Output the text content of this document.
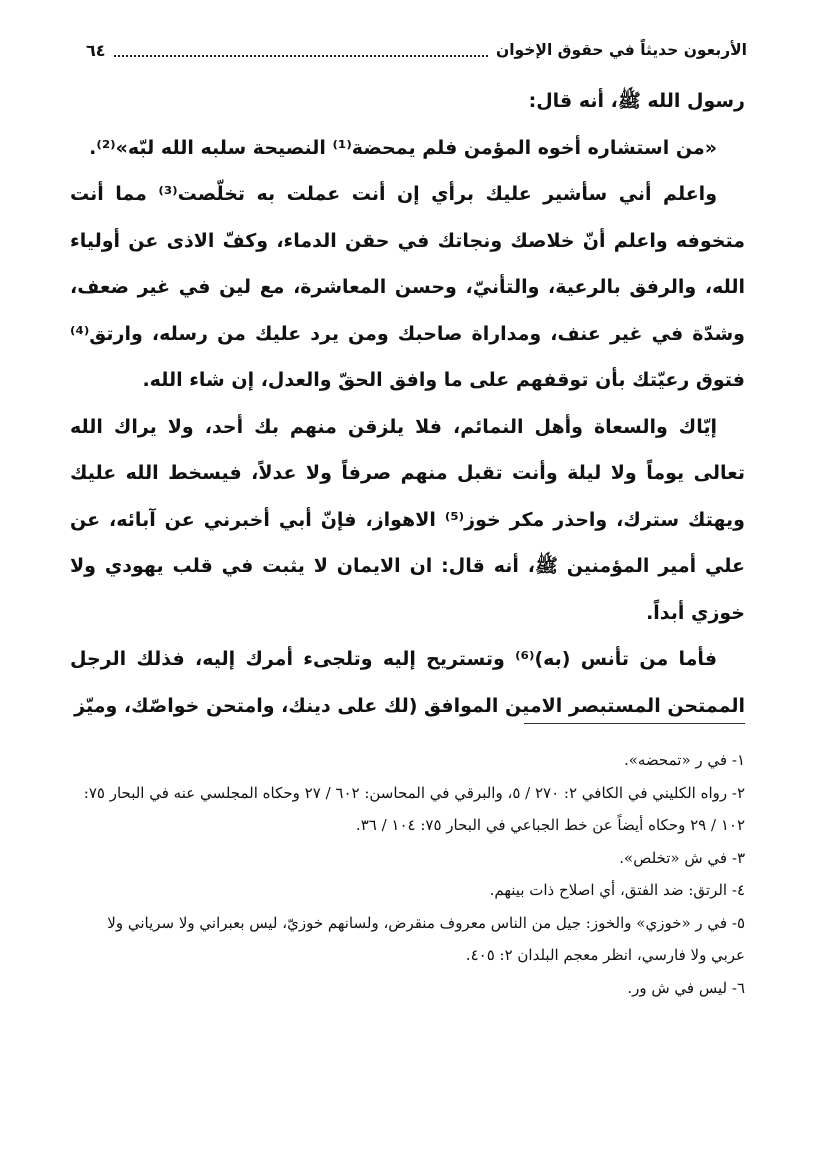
الأربعون حديثاً في حقوق الإخوان
٦٤

رسول الله ﷺ، أنه قال:

«من استشاره أخوه المؤمن فلم يمحضة⁽¹⁾ النصيحة سلبه الله لبّه»⁽²⁾.

واعلم أني سأشير عليك برأي إن أنت عملت به تخلّصت⁽³⁾ مما أنت متخوفه واعلم أنّ خلاصك ونجاتك في حقن الدماء، وكفّ الاذى عن أولياء الله، والرفق بالرعية، والتأنيّ، وحسن المعاشرة، مع لين في غير ضعف، وشدّة في غير عنف، ومداراة صاحبك ومن يرد عليك من رسله، وارتق⁽⁴⁾ فتوق رعيّتك بأن توقفهم على ما وافق الحقّ والعدل، إن شاء الله.

إيّاك والسعاة وأهل النمائم، فلا يلزقن منهم بك أحد، ولا يراك الله تعالى يوماً ولا ليلة وأنت تقبل منهم صرفاً ولا عدلاً، فيسخط الله عليك ويهتك سترك، واحذر مكر خوز⁽⁵⁾ الاهواز، فإنّ أبي أخبرني عن آبائه، عن علي أمير المؤمنين ﷺ، أنه قال: ان الايمان لا يثبت في قلب يهودي ولا خوزي أبداً.

فأما من تأنس (به)⁽⁶⁾ وتستريح إليه وتلجىء أمرك إليه، فذلك الرجل الممتحن المستبصر الامين الموافق (لك على دينك، وامتحن خواصّك، وميّز

١- في ر «تمحضه».

٢- رواه الكليني في الكافي ٢: ٢٧٠ / ٥، والبرقي في المحاسن: ٦٠٢ / ٢٧ وحكاه المجلسي عنه في البحار ٧٥: ١٠٢ / ٢٩ وحكاه أيضاً عن خط الجباعي في البحار ٧٥: ١٠٤ / ٣٦.

٣- في ش «تخلص».

٤- الرتق: ضد الفتق، أي اصلاح ذات بينهم.

٥- في ر «خوزي» والخوز: جيل من الناس معروف منقرض، ولسانهم خوزيّ، ليس بعبراني ولا سرياني ولا عربي ولا فارسي، انظر معجم البلدان ٢: ٤٠٥.

٦- ليس في ش ور.
